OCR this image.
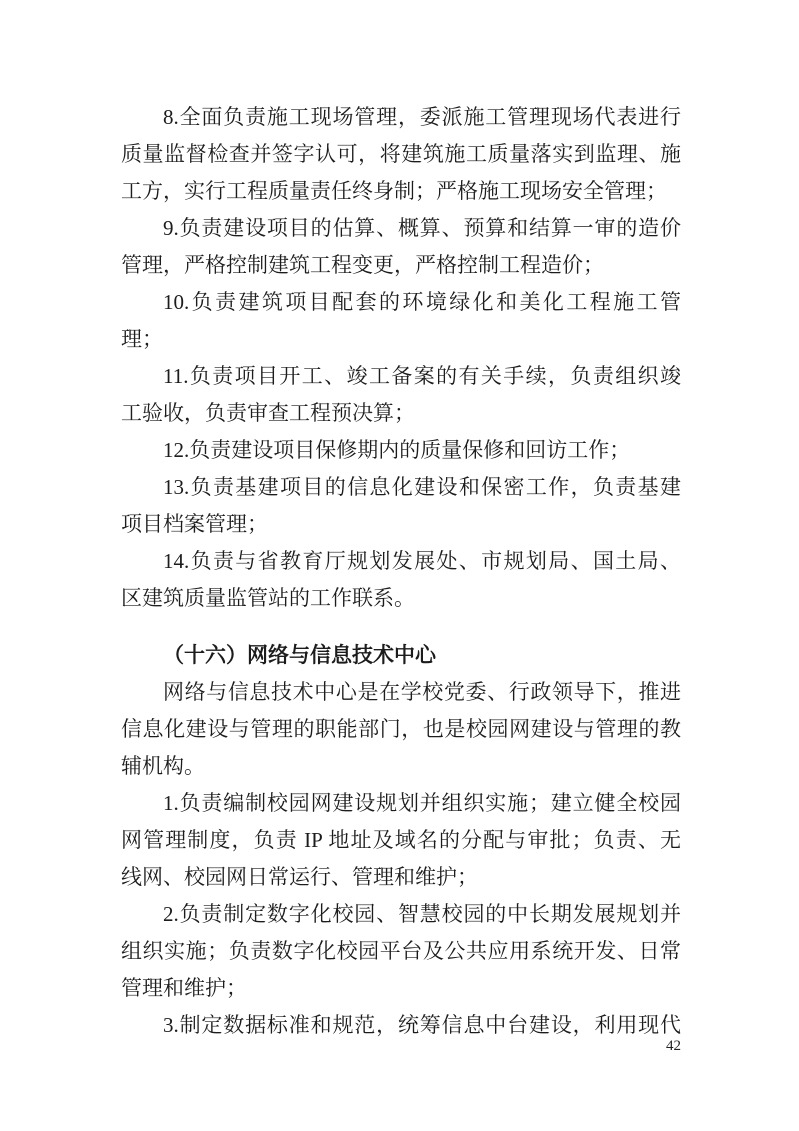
8.全面负责施工现场管理，委派施工管理现场代表进行
质量监督检查并签字认可，将建筑施工质量落实到监理、施
工方，实行工程质量责任终身制；严格施工现场安全管理；
9.负责建设项目的估算、概算、预算和结算一审的造价
管理，严格控制建筑工程变更，严格控制工程造价；
10.负责建筑项目配套的环境绿化和美化工程施工管
理；
11.负责项目开工、竣工备案的有关手续，负责组织竣
工验收，负责审查工程预决算；
12.负责建设项目保修期内的质量保修和回访工作；
13.负责基建项目的信息化建设和保密工作，负责基建
项目档案管理；
14.负责与省教育厅规划发展处、市规划局、国土局、
区建筑质量监管站的工作联系。
（十六）网络与信息技术中心
网络与信息技术中心是在学校党委、行政领导下，推进
信息化建设与管理的职能部门，也是校园网建设与管理的教
辅机构。
1.负责编制校园网建设规划并组织实施；建立健全校园
网管理制度，负责 IP 地址及域名的分配与审批；负责、无
线网、校园网日常运行、管理和维护；
2.负责制定数字化校园、智慧校园的中长期发展规划并
组织实施；负责数字化校园平台及公共应用系统开发、日常
管理和维护；
3.制定数据标准和规范，统筹信息中台建设，利用现代
42
